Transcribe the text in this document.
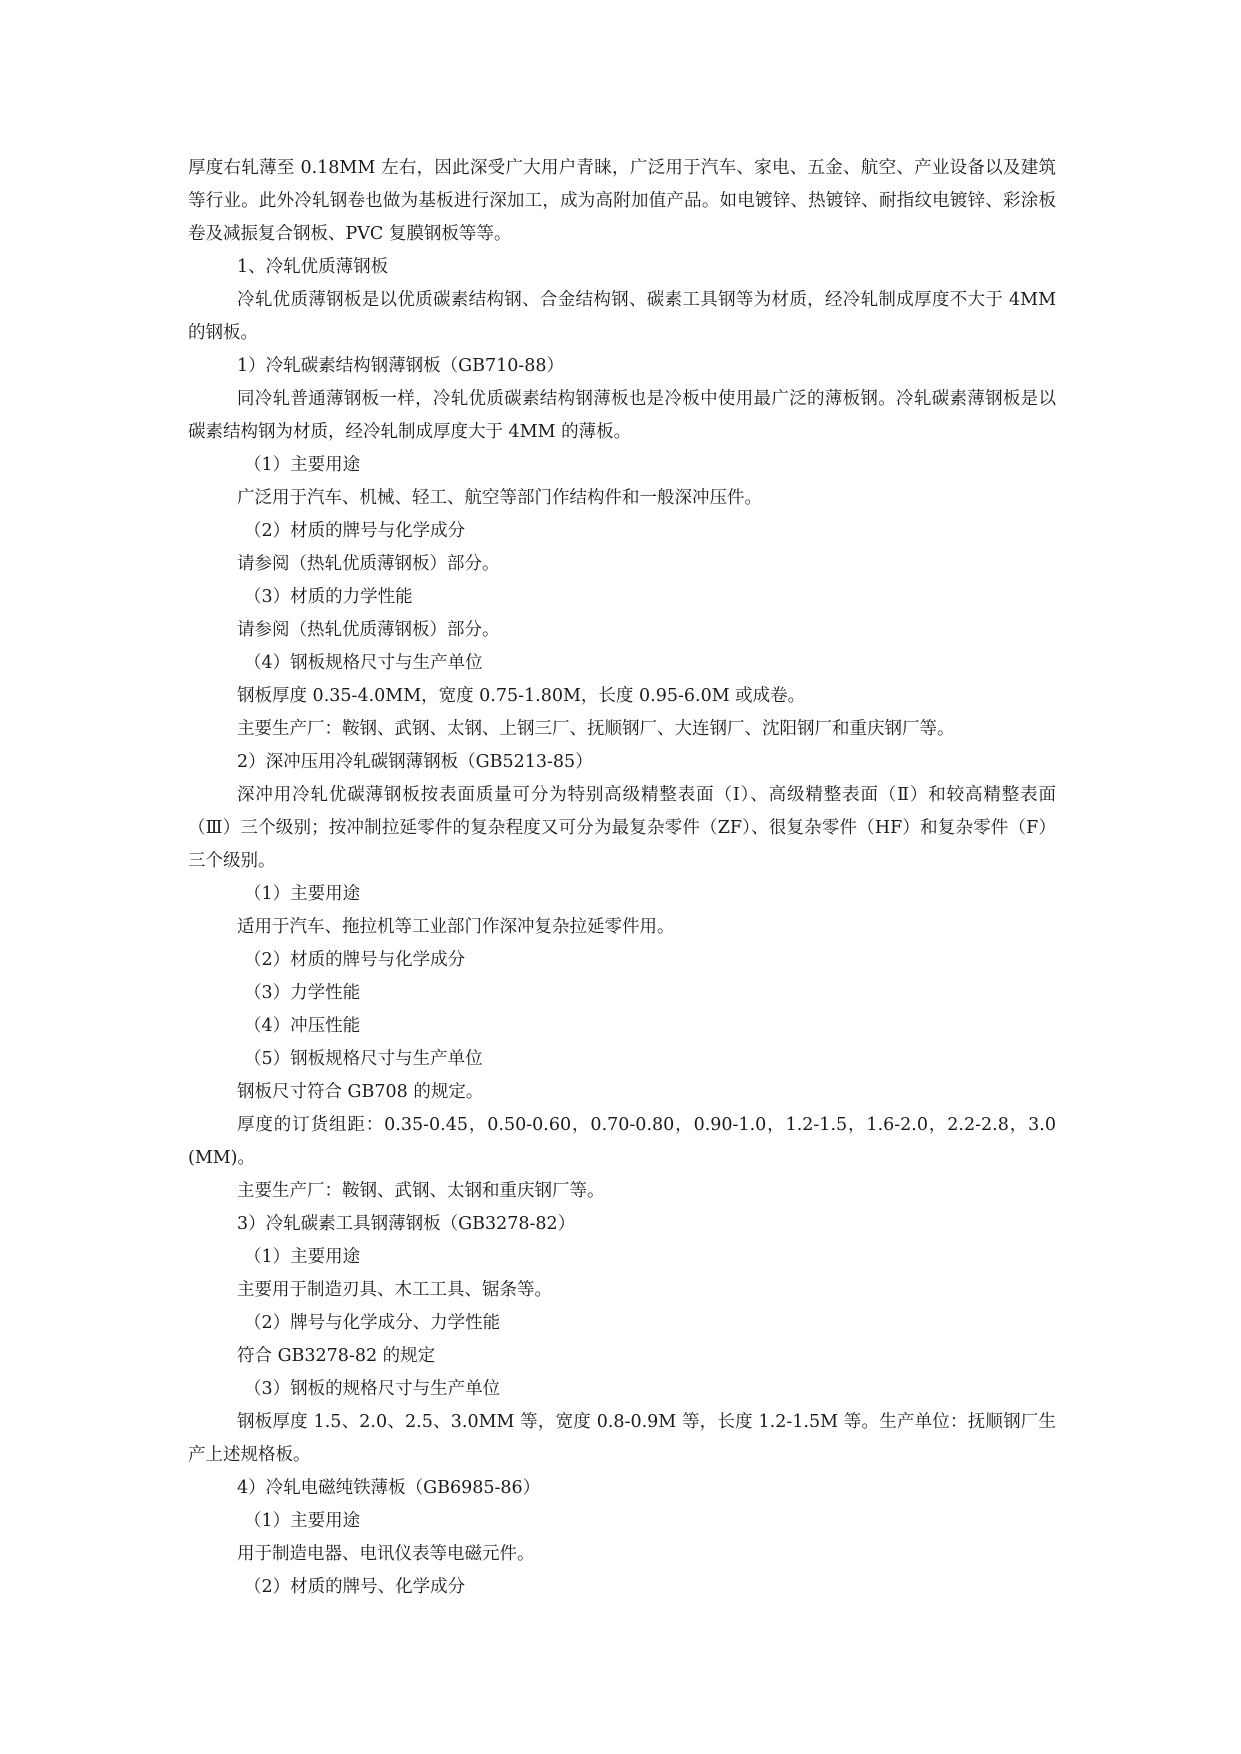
厚度右轧薄至 0.18MM 左右，因此深受广大用户青睐，广泛用于汽车、家电、五金、航空、产业设备以及建筑等行业。此外冷轧钢卷也做为基板进行深加工，成为高附加值产品。如电镀锌、热镀锌、耐指纹电镀锌、彩涂板卷及减振复合钢板、PVC 复膜钢板等等。

1、冷轧优质薄钢板

冷轧优质薄钢板是以优质碳素结构钢、合金结构钢、碳素工具钢等为材质，经冷轧制成厚度不大于 4MM 的钢板。

1）冷轧碳素结构钢薄钢板（GB710-88）

同冷轧普通薄钢板一样，冷轧优质碳素结构钢薄板也是冷板中使用最广泛的薄板钢。冷轧碳素薄钢板是以碳素结构钢为材质，经冷轧制成厚度大于 4MM 的薄板。

（1）主要用途

广泛用于汽车、机械、轻工、航空等部门作结构件和一般深冲压件。

（2）材质的牌号与化学成分

请参阅（热轧优质薄钢板）部分。

（3）材质的力学性能

请参阅（热轧优质薄钢板）部分。

（4）钢板规格尺寸与生产单位

钢板厚度 0.35-4.0MM，宽度 0.75-1.80M，长度 0.95-6.0M 或成卷。

主要生产厂：鞍钢、武钢、太钢、上钢三厂、抚顺钢厂、大连钢厂、沈阳钢厂和重庆钢厂等。

2）深冲压用冷轧碳钢薄钢板（GB5213-85）

深冲用冷轧优碳薄钢板按表面质量可分为特别高级精整表面（Ⅰ）、高级精整表面（Ⅱ）和较高精整表面（Ⅲ）三个级别；按冲制拉延零件的复杂程度又可分为最复杂零件（ZF）、很复杂零件（HF）和复杂零件（F）三个级别。

（1）主要用途

适用于汽车、拖拉机等工业部门作深冲复杂拉延零件用。

（2）材质的牌号与化学成分

（3）力学性能

（4）冲压性能

（5）钢板规格尺寸与生产单位

钢板尺寸符合 GB708 的规定。

厚度的订货组距：0.35-0.45，0.50-0.60，0.70-0.80，0.90-1.0，1.2-1.5，1.6-2.0，2.2-2.8，3.0(MM)。

主要生产厂：鞍钢、武钢、太钢和重庆钢厂等。

3）冷轧碳素工具钢薄钢板（GB3278-82）

（1）主要用途

主要用于制造刃具、木工工具、锯条等。

（2）牌号与化学成分、力学性能

符合 GB3278-82 的规定

（3）钢板的规格尺寸与生产单位

钢板厚度 1.5、2.0、2.5、3.0MM 等，宽度 0.8-0.9M 等，长度 1.2-1.5M 等。生产单位：抚顺钢厂生产上述规格板。

4）冷轧电磁纯铁薄板（GB6985-86）

（1）主要用途

用于制造电器、电讯仪表等电磁元件。

（2）材质的牌号、化学成分
